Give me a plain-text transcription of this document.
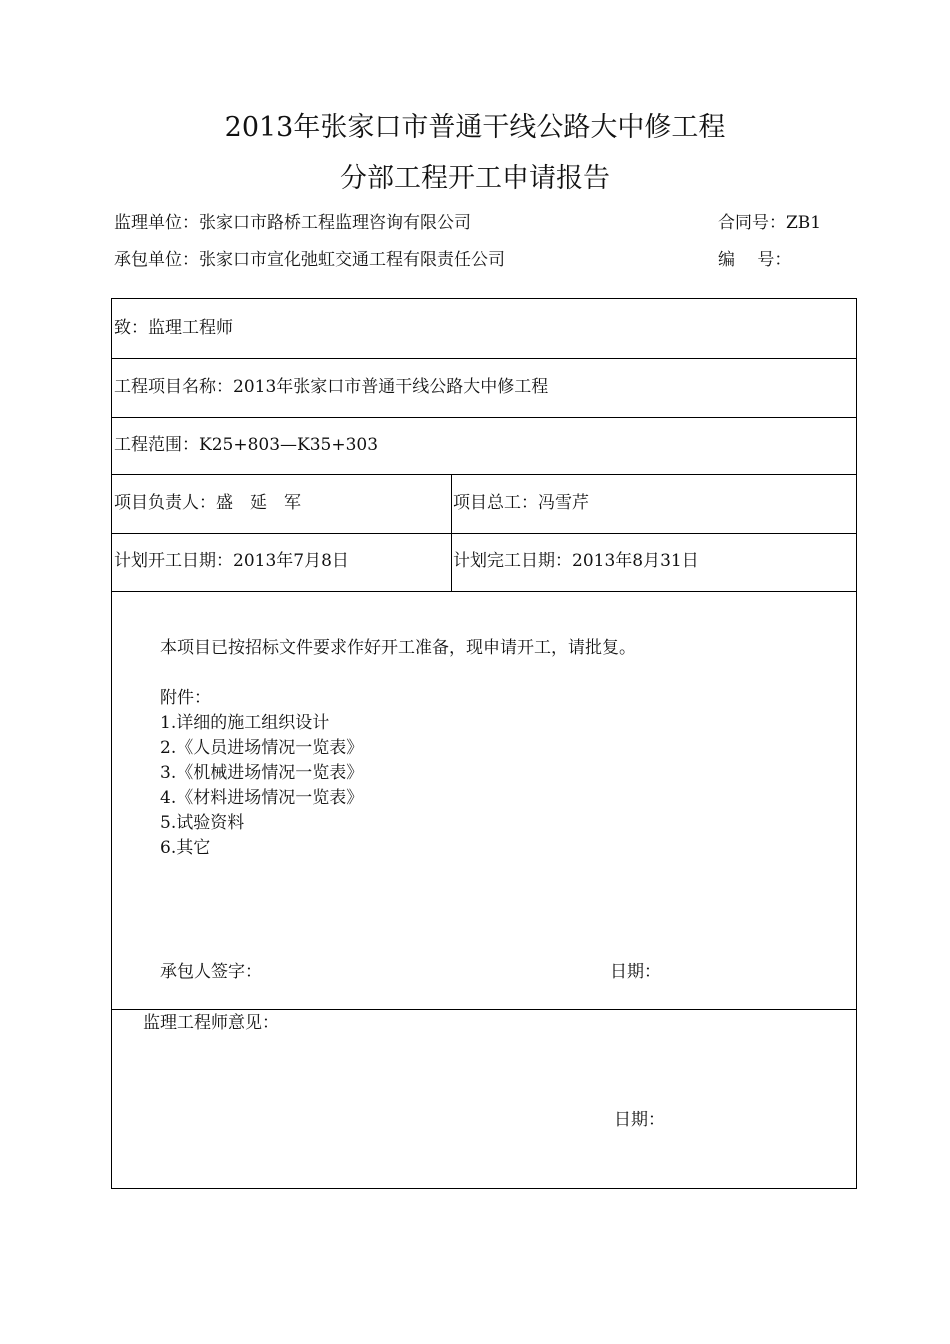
2013年张家口市普通干线公路大中修工程
分部工程开工申请报告
监理单位：张家口市路桥工程监理咨询有限公司
承包单位：张家口市宣化弛虹交通工程有限责任公司
合同号：ZB1
编　 号：
致：监理工程师
工程项目名称：2013年张家口市普通干线公路大中修工程
工程范围：K25+803—K35+303
项目负责人：盛　延　军	项目总工：冯雪芹
计划开工日期：2013年7月8日	计划完工日期：2013年8月31日
本项目已按招标文件要求作好开工准备，现申请开工，请批复。
附件：
1.详细的施工组织设计
2.《人员进场情况一览表》
3.《机械进场情况一览表》
4.《材料进场情况一览表》
5.试验资料
6.其它
承包人签字：	日期：
监理工程师意见：
日期：
